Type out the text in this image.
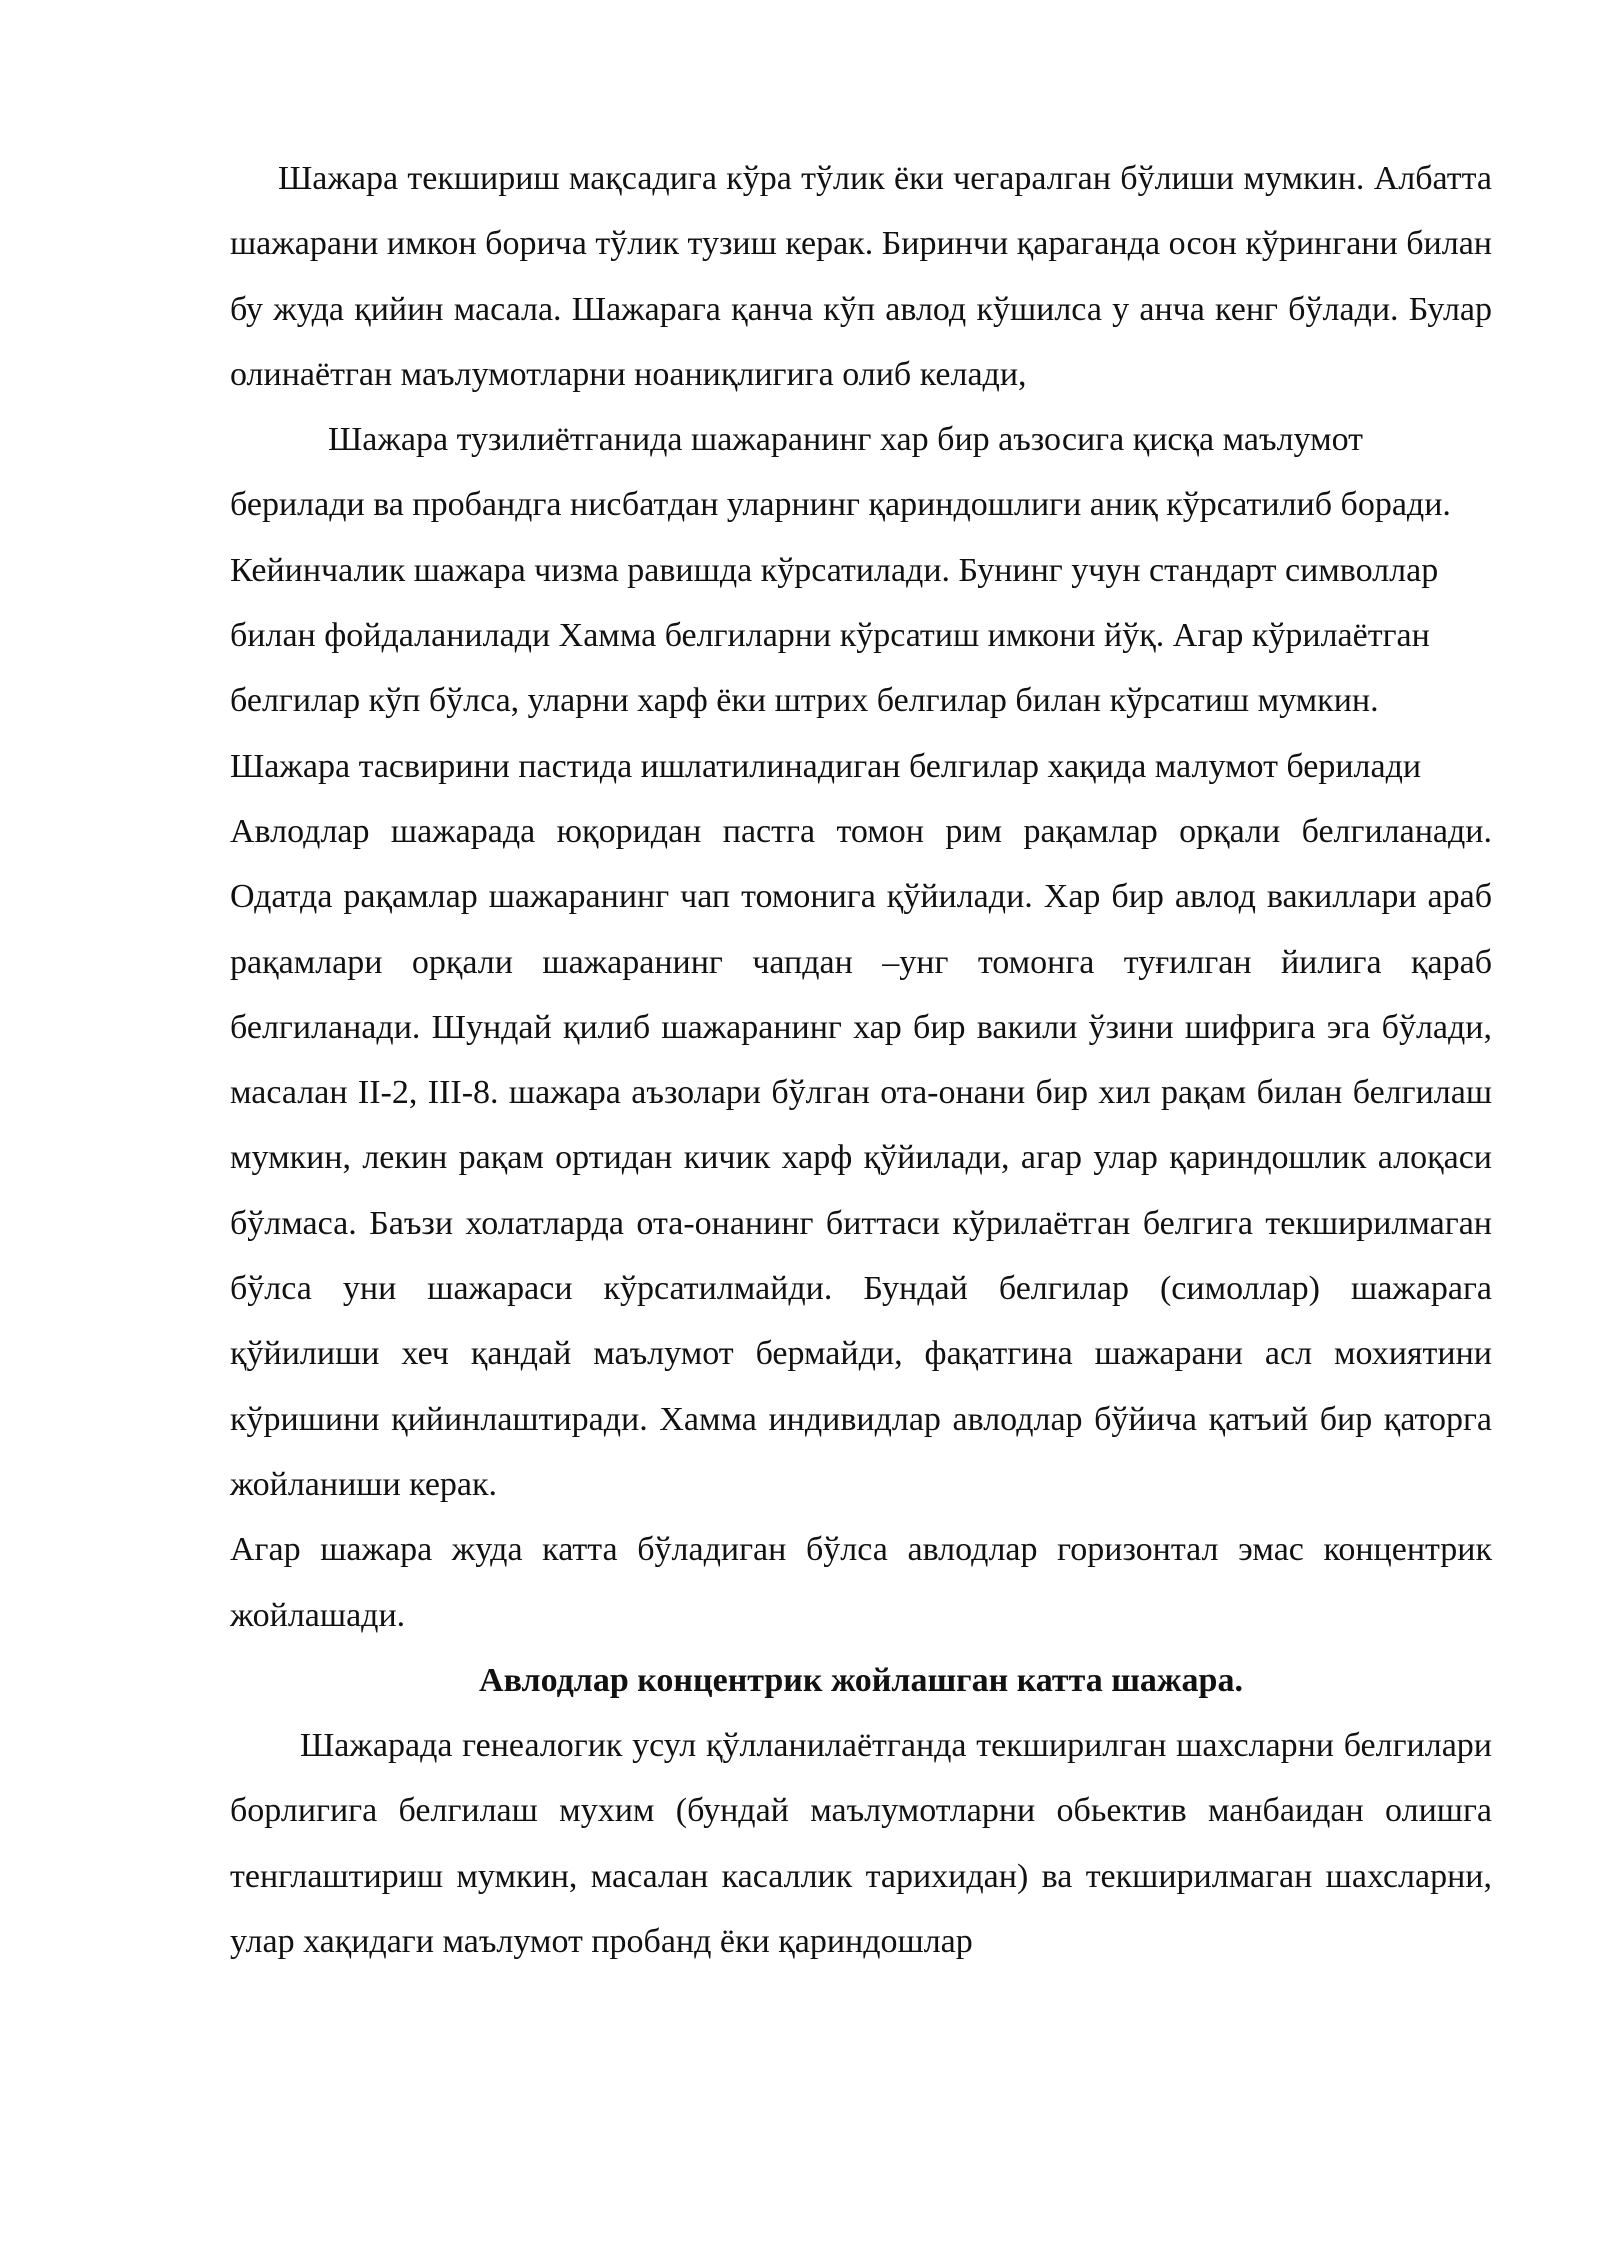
Шажара текшириш мақсадига кўра тўлик ёки чегаралган бўлиши мумкин. Албатта шажарани имкон борича тўлик тузиш керак. Биринчи қараганда осон кўрингани билан бу жуда қийин масала. Шажарага қанча кўп авлод кўшилса у анча кенг бўлади. Булар олинаётган маълумотларни ноаниқлигига олиб келади,

Шажара тузилиётганида шажаранинг хар бир аъзосига қисқа маълумот берилади ва пробандга нисбатдан уларнинг қариндошлиги аниқ кўрсатилиб боради. Кейинчалик шажара чизма равишда кўрсатилади. Бунинг учун стандарт символлар билан фойдаланилади Хамма белгиларни кўрсатиш имкони йўқ. Агар кўрилаётган белгилар кўп бўлса, уларни харф ёки штрих белгилар билан кўрсатиш мумкин. Шажара тасвирини пастида ишлатилинадиган белгилар хақида малумот берилади

Авлодлар шажарада юқоридан пастга томон рим рақамлар орқали белгиланади. Одатда рақамлар шажаранинг чап томонига қўйилади. Хар бир авлод вакиллари араб рақамлари орқали шажаранинг чапдан –унг томонга туғилган йилига қараб белгиланади. Шундай қилиб шажаранинг хар бир вакили ўзини шифрига эга бўлади, масалан II-2, III-8. шажара аъзолари бўлган ота-онани бир хил рақам билан белгилаш мумкин, лекин рақам ортидан кичик харф қўйилади, агар улар қариндошлик алоқаси бўлмаса. Баъзи холатларда ота-онанинг биттаси кўрилаётган белгига текширилмаган бўлса уни шажараси кўрсатилмайди. Бундай белгилар (симоллар) шажарага қўйилиши хеч қандай маълумот бермайди, фақатгина шажарани асл мохиятини кўришини қийинлаштиради. Хамма индивидлар авлодлар бўйича қатъий бир қаторга жойланиши керак.

Агар шажара жуда катта бўладиган бўлса авлодлар горизонтал эмас концентрик жойлашади.

Авлодлар концентрик жойлашган катта шажара.

Шажарада генеалогик усул қўлланилаётганда текширилган шахсларни белгилари борлигига белгилаш мухим (бундай маълумотларни обьектив манбаидан олишга тенглаштириш мумкин, масалан касаллик тарихидан) ва текширилмаган шахсларни, улар хақидаги маълумот пробанд ёки қариндошлар
